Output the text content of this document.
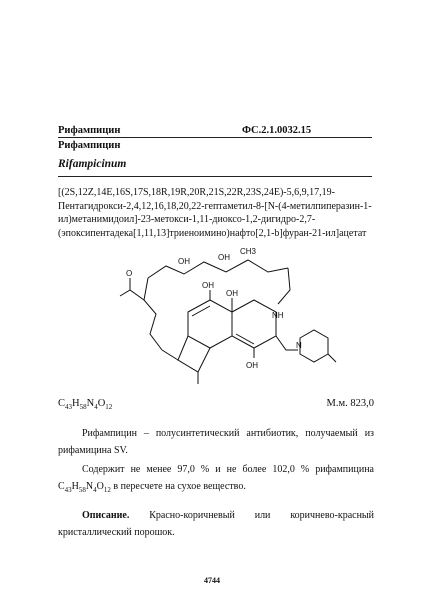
Рифампицин	ФС.2.1.0032.15
Рифампицин
Rifampicinum
[(2S,12Z,14E,16S,17S,18R,19R,20R,21S,22R,23S,24E)-5,6,9,17,19-Пентагидрокси-2,4,12,16,18,20,22-гептаметил-8-[N-(4-метилпиперазин-1-ил)метанимидоил]-23-метокси-1,11-диоксо-1,2-дигидро-2,7-(эпоксипентадека[1,11,13]триеноимино)нафто[2,1-b]фуран-21-ил]ацетат
OH
OH
OH
OH	OH
CH3
O
NH
N
$C_{43}H_{58}N_4O_{12}$	М.м. 823,0
Рифампицин – полусинтетический антибиотик, получаемый из рифамицина SV.
Содержит не менее 97,0 % и не более 102,0 % рифампицина $C_{43}H_{58}N_4O_{12}$ в пересчете на сухое вещество.
Описание. Красно-коричневый или коричнево-красный кристаллический порошок.
4744
